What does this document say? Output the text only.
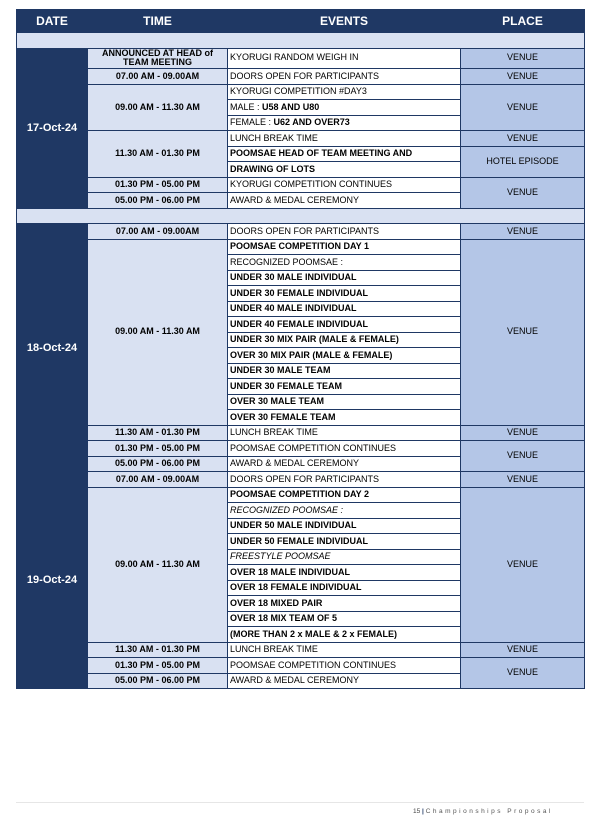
DATE	TIME	EVENTS	PLACE

17-Oct-24	ANNOUNCED AT HEAD of TEAM MEETING	KYORUGI RANDOM WEIGH IN	VENUE
	07.00 AM - 09.00AM	DOORS OPEN FOR PARTICIPANTS	VENUE
	09.00 AM - 11.30 AM	KYORUGI COMPETITION #DAY3	VENUE
		MALE : U58 AND U80	
		FEMALE : U62 AND OVER73	
	11.30 AM - 01.30 PM	LUNCH BREAK TIME	VENUE
		POOMSAE HEAD OF TEAM MEETING AND	HOTEL EPISODE
		DRAWING OF LOTS	
	01.30 PM - 05.00 PM	KYORUGI COMPETITION CONTINUES	VENUE
	05.00 PM - 06.00 PM	AWARD & MEDAL CEREMONY	

18-Oct-24	07.00 AM - 09.00AM	DOORS OPEN FOR PARTICIPANTS	VENUE
	09.00 AM - 11.30 AM	POOMSAE COMPETITION DAY 1	VENUE
		RECOGNIZED POOMSAE :	
		UNDER 30 MALE INDIVIDUAL	
		UNDER 30 FEMALE INDIVIDUAL	
		UNDER 40 MALE INDIVIDUAL	
		UNDER 40 FEMALE INDIVIDUAL	
		UNDER 30 MIX PAIR (MALE & FEMALE)	
		OVER 30 MIX PAIR (MALE & FEMALE)	
		UNDER 30 MALE TEAM	
		UNDER 30 FEMALE TEAM	
		OVER 30 MALE TEAM	
		OVER 30 FEMALE TEAM	
	11.30 AM - 01.30 PM	LUNCH BREAK TIME	VENUE
	01.30 PM - 05.00 PM	POOMSAE COMPETITION CONTINUES	VENUE
	05.00 PM - 06.00 PM	AWARD & MEDAL CEREMONY	
19-Oct-24	07.00 AM - 09.00AM	DOORS OPEN FOR PARTICIPANTS	VENUE
	09.00 AM - 11.30 AM	POOMSAE COMPETITION DAY 2	VENUE
		RECOGNIZED POOMSAE :	
		UNDER 50 MALE INDIVIDUAL	
		UNDER 50 FEMALE INDIVIDUAL	
		FREESTYLE POOMSAE	
		OVER 18 MALE INDIVIDUAL	
		OVER 18 FEMALE INDIVIDUAL	
		OVER 18 MIXED PAIR	
		OVER 18 MIX TEAM OF 5	
		(MORE THAN 2 x MALE & 2 x FEMALE)	
	11.30 AM - 01.30 PM	LUNCH BREAK TIME	VENUE
	01.30 PM - 05.00 PM	POOMSAE COMPETITION CONTINUES	VENUE
	05.00 PM - 06.00 PM	AWARD & MEDAL CEREMONY	
15 | Championships Proposal
